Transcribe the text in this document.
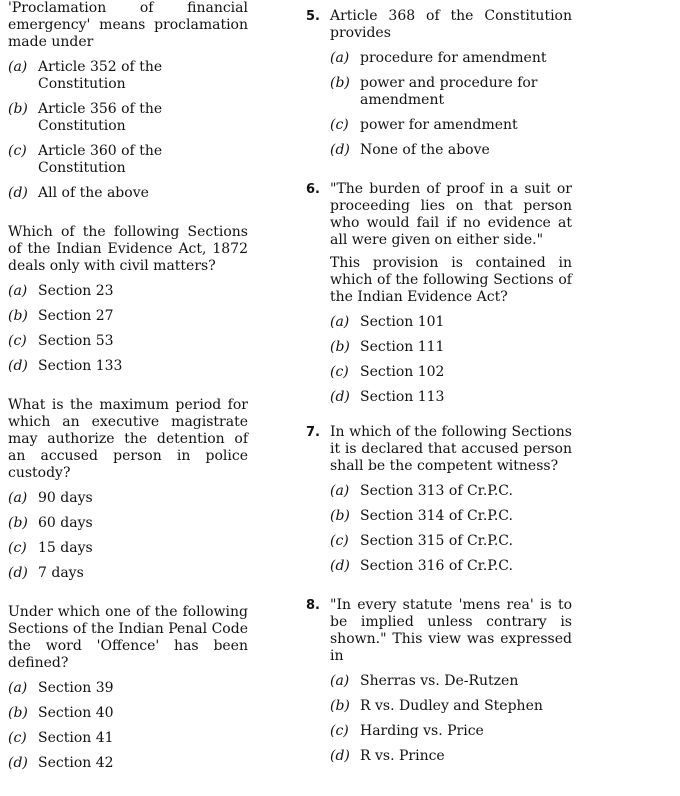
'Proclamation of financial emergency' means proclamation made under
(a) Article 352 of the Constitution
(b) Article 356 of the Constitution
(c) Article 360 of the Constitution
(d) All of the above
Which of the following Sections of the Indian Evidence Act, 1872 deals only with civil matters?
(a) Section 23
(b) Section 27
(c) Section 53
(d) Section 133
What is the maximum period for which an executive magistrate may authorize the detention of an accused person in police custody?
(a) 90 days
(b) 60 days
(c) 15 days
(d) 7 days
Under which one of the following Sections of the Indian Penal Code the word 'Offence' has been defined?
(a) Section 39
(b) Section 40
(c) Section 41
(d) Section 42
5. Article 368 of the Constitution provides
(a) procedure for amendment
(b) power and procedure for amendment
(c) power for amendment
(d) None of the above
6. "The burden of proof in a suit or proceeding lies on that person who would fail if no evidence at all were given on either side."
This provision is contained in which of the following Sections of the Indian Evidence Act?
(a) Section 101
(b) Section 111
(c) Section 102
(d) Section 113
7. In which of the following Sections it is declared that accused person shall be the competent witness?
(a) Section 313 of Cr.P.C.
(b) Section 314 of Cr.P.C.
(c) Section 315 of Cr.P.C.
(d) Section 316 of Cr.P.C.
8. "In every statute 'mens rea' is to be implied unless contrary is shown." This view was expressed in
(a) Sherras vs. De-Rutzen
(b) R vs. Dudley and Stephen
(c) Harding vs. Price
(d) R vs. Prince
